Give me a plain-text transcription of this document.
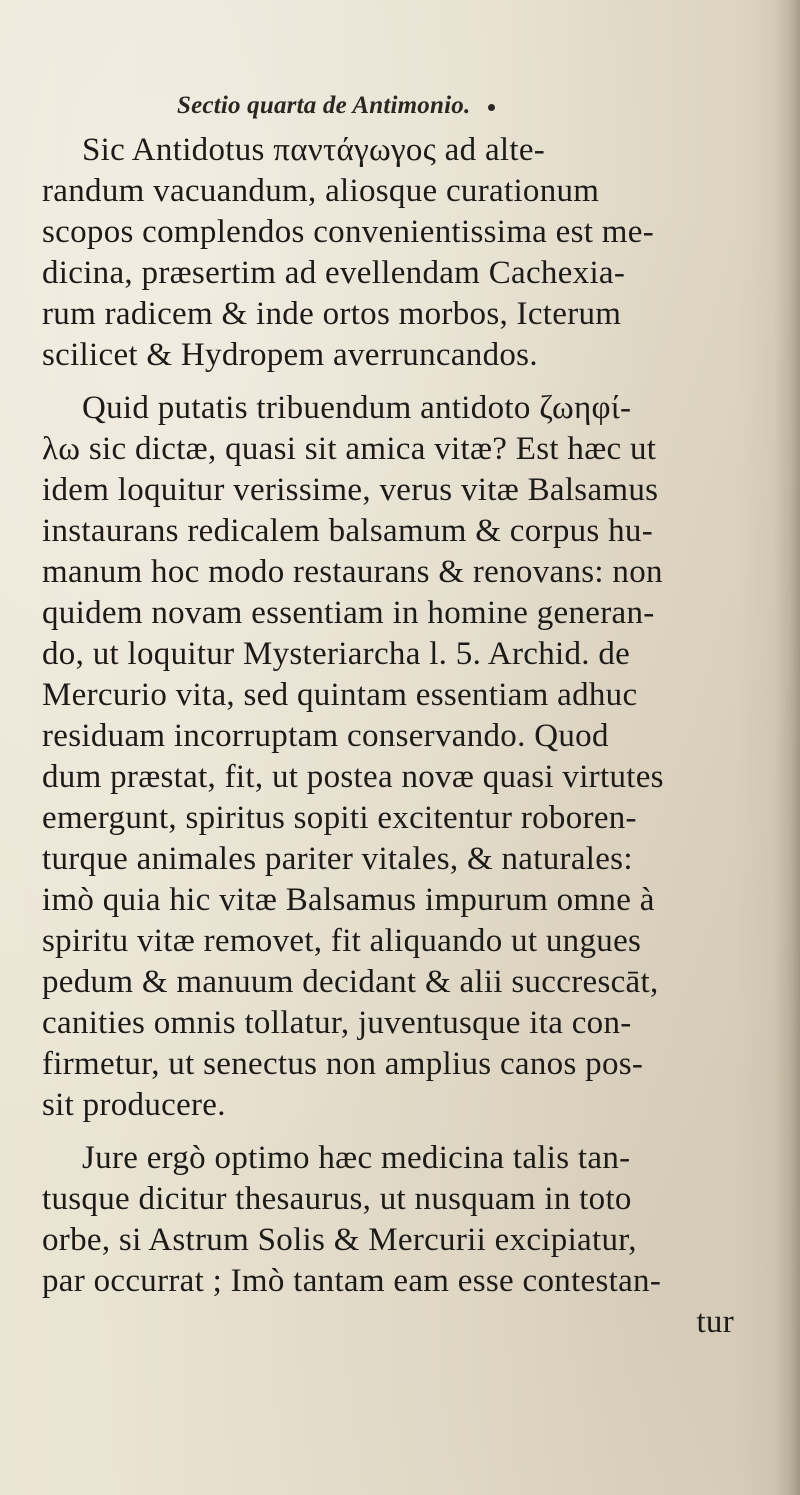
Sectio quarta de Antimonio.
Sic Antidotus παντάγωγος ad alte-
randum vacuandum, aliosque curationum
scopos complendos convenientissima est me-
dicina, præsertim ad evellendam Cachexia-
rum radicem & inde ortos morbos, Icterum
scilicet & Hydropem averruncandos.
Quid putatis tribuendum antidoto ζωηφί-
λω sic dictæ, quasi sit amica vitæ? Est hæc ut
idem loquitur verissime, verus vitæ Balsamus
instaurans redicalem balsamum & corpus hu-
manum hoc modo restaurans & renovans: non
quidem novam essentiam in homine generan-
do, ut loquitur Mysteriarcha l. 5. Archid. de
Mercurio vita, sed quintam essentiam adhuc
residuam incorruptam conservando. Quod
dum præstat, fit, ut postea novæ quasi virtutes
emergunt, spiritus sopiti excitentur roboren-
turque animales pariter vitales, & naturales:
imò quia hic vitæ Balsamus impurum omne à
spiritu vitæ removet, fit aliquando ut ungues
pedum & manuum decidant & alii succrescāt,
canities omnis tollatur, juventusque ita con-
firmetur, ut senectus non amplius canos pos-
sit producere.
Jure ergò optimo hæc medicina talis tan-
tusque dicitur thesaurus, ut nusquam in toto
orbe, si Astrum Solis & Mercurii excipiatur,
par occurrat ; Imò tantam eam esse contestan-
tur
